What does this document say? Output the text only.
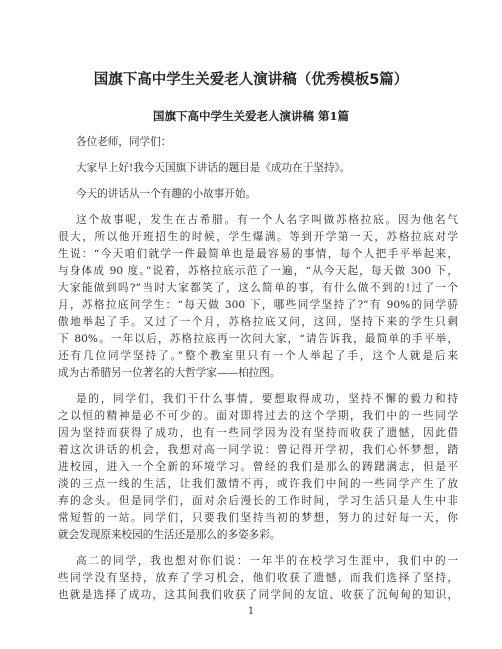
国旗下高中学生关爱老人演讲稿（优秀模板5篇）
国旗下高中学生关爱老人演讲稿 第1篇
各位老师，同学们：
大家早上好!我今天国旗下讲话的题目是《成功在于坚持》。
今天的讲话从一个有趣的小故事开始。
这个故事呢，发生在古希腊。有一个人名字叫做苏格拉底。因为他名气
很大，所以他开班招生的时候，学生爆满。等到开学第一天，苏格拉底对学
生说：“今天咱们就学一件最简单也是最容易的事情，每个人把手平举起来，
与身体成 90 度。”说着，苏格拉底示范了一遍，“从今天起，每天做 300 下，
大家能做到吗?”当时大家都笑了，这么简单的事，有什么做不到的!过了一个
月，苏格拉底问学生：“每天做 300 下，哪些同学坚持了?”有 90%的同学骄
傲地举起了手。又过了一个月，苏格拉底又问，这回，坚持下来的学生只剩
下 80%。一年以后，苏格拉底再一次问大家，“请告诉我，最简单的手平举，
还有几位同学坚持了。”整个教室里只有一个人举起了手，这个人就是后来
成为古希腊另一位著名的大哲学家——柏拉图。
是的，同学们，我们干什么事情，要想取得成功，坚持不懈的毅力和持
之以恒的精神是必不可少的。面对即将过去的这个学期，我们中的一些同学
因为坚持而获得了成功，也有一些同学因为没有坚持而收获了遗憾，因此借
着这次讲话的机会，我想对高一同学说：曾记得开学初，我们心怀梦想，踏
进校园，进入一个全新的环境学习。曾经的我们是那么的踌躇满志，但是平
淡的三点一线的生活，让我们激情不再，或许我们中间的一些同学产生了放
弃的念头。但是同学们，面对余后漫长的工作时间，学习生活只是人生中非
常短暂的一站。同学们，只要我们坚持当初的梦想，努力的过好每一天，你
就会发现原来校园的生活还是那么的多姿多彩。
高二的同学，我也想对你们说：一年半的在校学习生涯中，我们中的一
些同学没有坚持，放弃了学习机会，他们收获了遗憾，而我们选择了坚持，
也就是选择了成功，这其间我们收获了同学间的友谊、收获了沉甸甸的知识，
1
